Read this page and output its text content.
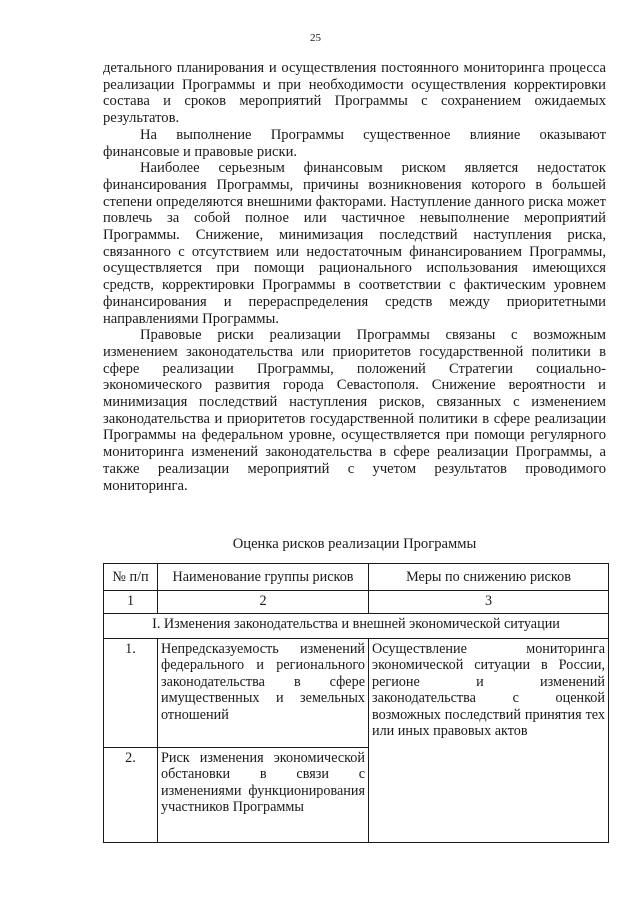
25

детального планирования и осуществления постоянного мониторинга процесса реализации Программы и при необходимости осуществления корректировки состава и сроков мероприятий Программы с сохранением ожидаемых результатов.

На выполнение Программы существенное влияние оказывают финансовые и правовые риски.

Наиболее серьезным финансовым риском является недостаток финансирования Программы, причины возникновения которого в большей степени определяются внешними факторами. Наступление данного риска может повлечь за собой полное или частичное невыполнение мероприятий Программы. Снижение, минимизация последствий наступления риска, связанного с отсутствием или недостаточным финансированием Программы, осуществляется при помощи рационального использования имеющихся средств, корректировки Программы в соответствии с фактическим уровнем финансирования и перераспределения средств между приоритетными направлениями Программы.

Правовые риски реализации Программы связаны с возможным изменением законодательства или приоритетов государственной политики в сфере реализации Программы, положений Стратегии социально-экономического развития города Севастополя. Снижение вероятности и минимизация последствий наступления рисков, связанных с изменением законодательства и приоритетов государственной политики в сфере реализации Программы на федеральном уровне, осуществляется при помощи регулярного мониторинга изменений законодательства в сфере реализации Программы, а также реализации мероприятий с учетом результатов проводимого мониторинга.

Оценка рисков реализации Программы
№ п/п	Наименование группы рисков	Меры по снижению рисков
1	2	3
I. Изменения законодательства и внешней экономической ситуации		
1.	Непредсказуемость изменений федерального и регионального законодательства в сфере имущественных и земельных отношений	Осуществление мониторинга экономической ситуации в России, регионе и изменений законодательства с оценкой возможных последствий принятия тех или иных правовых актов
2.	Риск изменения экономической обстановки в связи с изменениями функционирования участников Программы	
